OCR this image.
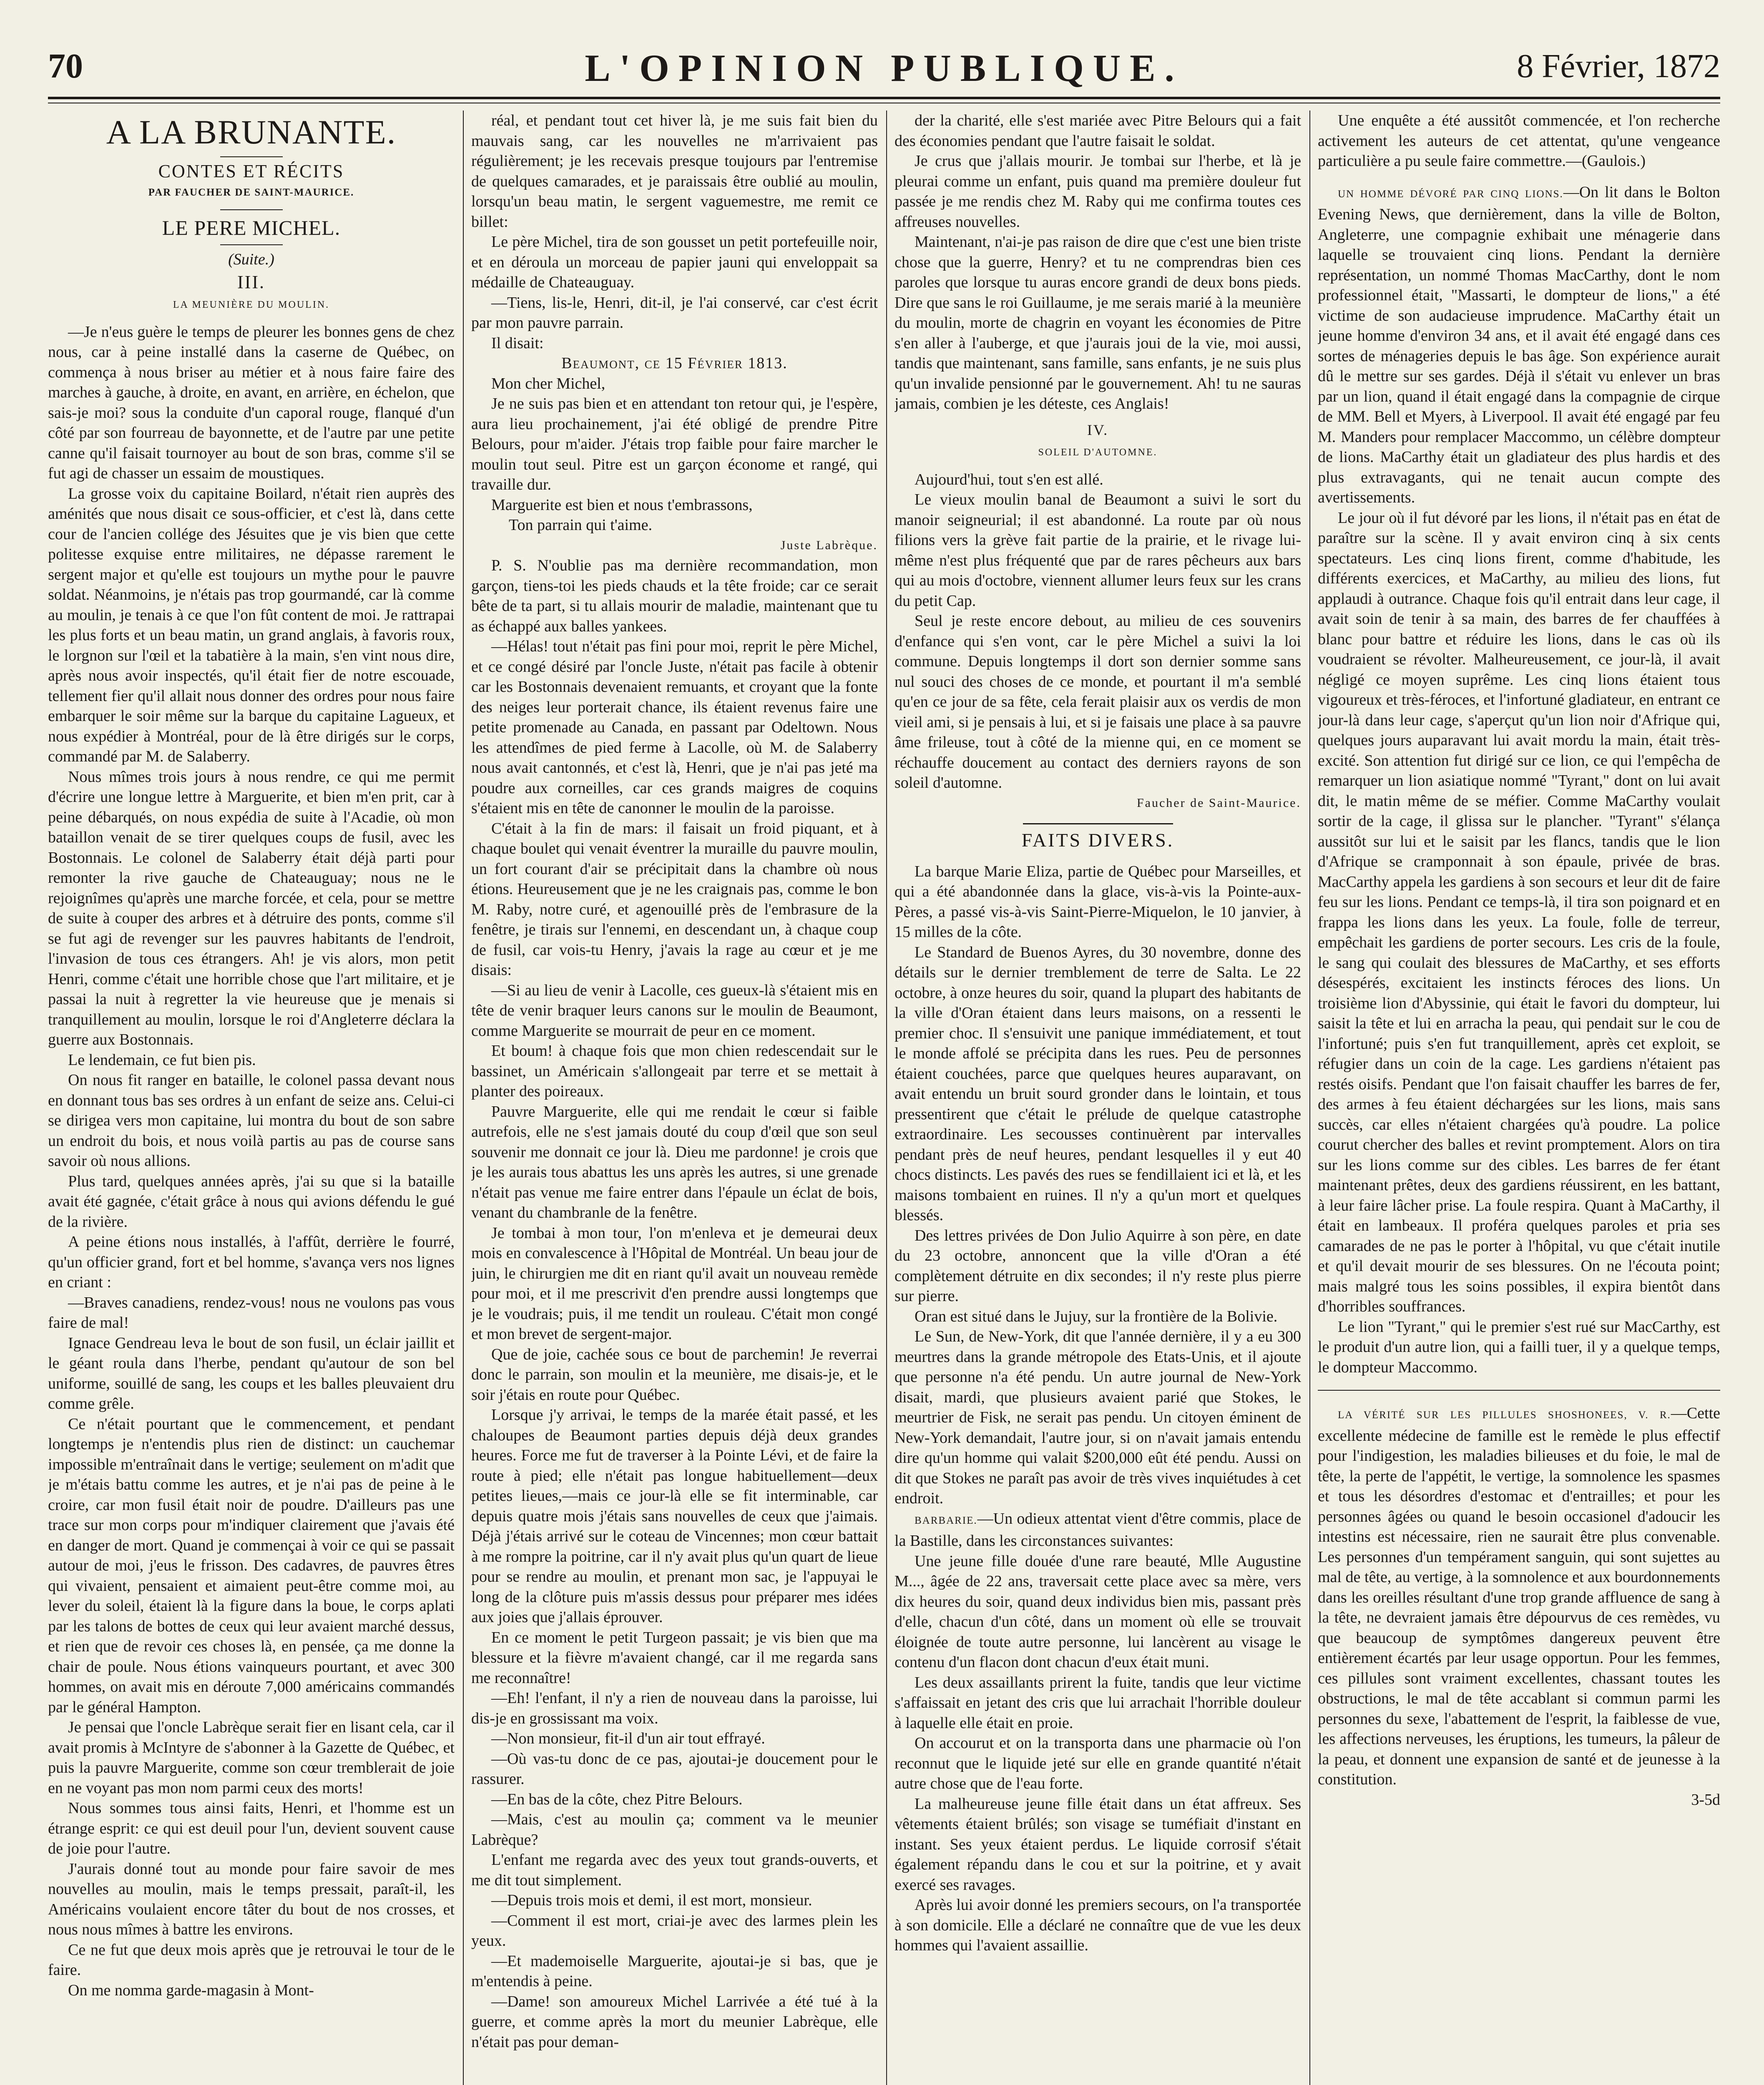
70	L'OPINION PUBLIQUE.	8 Février, 1872
A LA BRUNANTE.
CONTES ET RÉCITS
PAR FAUCHER DE SAINT-MAURICE.
LE PERE MICHEL.
(Suite.)
III.
LA MEUNIÈRE DU MOULIN.

—Je n'eus guère le temps de pleurer les bonnes gens de chez nous, car à peine installé dans la caserne de Québec, on commença à nous briser au métier et à nous faire faire des marches à gauche, à droite, en avant, en arrière, en échelon, que sais-je moi? sous la conduite d'un caporal rouge, flanqué d'un côté par son fourreau de bayonnette, et de l'autre par une petite canne qu'il faisait tournoyer au bout de son bras, comme s'il se fut agi de chasser un essaim de moustiques.

La grosse voix du capitaine Boilard, n'était rien auprès des aménités que nous disait ce sous-officier, et c'est là, dans cette cour de l'ancien collége des Jésuites que je vis bien que cette politesse exquise entre militaires, ne dépasse rarement le sergent major et qu'elle est toujours un mythe pour le pauvre soldat. Néanmoins, je n'étais pas trop gourmandé, car là comme au moulin, je tenais à ce que l'on fût content de moi. Je rattrapai les plus forts et un beau matin, un grand anglais, à favoris roux, le lorgnon sur l'œil et la tabatière à la main, s'en vint nous dire, après nous avoir inspectés, qu'il était fier de notre escouade, tellement fier qu'il allait nous donner des ordres pour nous faire embarquer le soir même sur la barque du capitaine Lagueux, et nous expédier à Montréal, pour de là être dirigés sur le corps, commandé par M. de Salaberry.

Nous mîmes trois jours à nous rendre, ce qui me permit d'écrire une longue lettre à Marguerite, et bien m'en prit, car à peine débarqués, on nous expédia de suite à l'Acadie, où mon bataillon venait de se tirer quelques coups de fusil, avec les Bostonnais. Le colonel de Salaberry était déjà parti pour remonter la rive gauche de Chateauguay; nous ne le rejoignîmes qu'après une marche forcée, et cela, pour se mettre de suite à couper des arbres et à détruire des ponts, comme s'il se fut agi de revenger sur les pauvres habitants de l'endroit, l'invasion de tous ces étrangers. Ah! je vis alors, mon petit Henri, comme c'était une horrible chose que l'art militaire, et je passai la nuit à regretter la vie heureuse que je menais si tranquillement au moulin, lorsque le roi d'Angleterre déclara la guerre aux Bostonnais.

Le lendemain, ce fut bien pis.

On nous fit ranger en bataille, le colonel passa devant nous en donnant tous bas ses ordres à un enfant de seize ans. Celui-ci se dirigea vers mon capitaine, lui montra du bout de son sabre un endroit du bois, et nous voilà partis au pas de course sans savoir où nous allions.

Plus tard, quelques années après, j'ai su que si la bataille avait été gagnée, c'était grâce à nous qui avions défendu le gué de la rivière.

A peine étions nous installés, à l'affût, derrière le fourré, qu'un officier grand, fort et bel homme, s'avança vers nos lignes en criant :

—Braves canadiens, rendez-vous! nous ne voulons pas vous faire de mal!

Ignace Gendreau leva le bout de son fusil, un éclair jaillit et le géant roula dans l'herbe, pendant qu'autour de son bel uniforme, souillé de sang, les coups et les balles pleuvaient dru comme grêle.

Ce n'était pourtant que le commencement, et pendant longtemps je n'entendis plus rien de distinct: un cauchemar impossible m'entraînait dans le vertige; seulement on m'adit que je m'étais battu comme les autres, et je n'ai pas de peine à le croire, car mon fusil était noir de poudre. D'ailleurs pas une trace sur mon corps pour m'indiquer clairement que j'avais été en danger de mort. Quand je commençai à voir ce qui se passait autour de moi, j'eus le frisson. Des cadavres, de pauvres êtres qui vivaient, pensaient et aimaient peut-être comme moi, au lever du soleil, étaient là la figure dans la boue, le corps aplati par les talons de bottes de ceux qui leur avaient marché dessus, et rien que de revoir ces choses là, en pensée, ça me donne la chair de poule. Nous étions vainqueurs pourtant, et avec 300 hommes, on avait mis en déroute 7,000 américains commandés par le général Hampton.

Je pensai que l'oncle Labrèque serait fier en lisant cela, car il avait promis à McIntyre de s'abonner à la Gazette de Québec, et puis la pauvre Marguerite, comme son cœur tremblerait de joie en ne voyant pas mon nom parmi ceux des morts!

Nous sommes tous ainsi faits, Henri, et l'homme est un étrange esprit: ce qui est deuil pour l'un, devient souvent cause de joie pour l'autre.

J'aurais donné tout au monde pour faire savoir de mes nouvelles au moulin, mais le temps pressait, paraît-il, les Américains voulaient encore tâter du bout de nos crosses, et nous nous mîmes à battre les environs.

Ce ne fut que deux mois après que je retrouvai le tour de le faire.

On me nomma garde-magasin à Mont-

réal, et pendant tout cet hiver là, je me suis fait bien du mauvais sang, car les nouvelles ne m'arrivaient pas régulièrement; je les recevais presque toujours par l'entremise de quelques camarades, et je paraissais être oublié au moulin, lorsqu'un beau matin, le sergent vaguemestre, me remit ce billet:

Le père Michel, tira de son gousset un petit portefeuille noir, et en déroula un morceau de papier jauni qui enveloppait sa médaille de Chateauguay.

—Tiens, lis-le, Henri, dit-il, je l'ai conservé, car c'est écrit par mon pauvre parrain.

Il disait:

Beaumont, ce 15 Février 1813.

Mon cher Michel,

Je ne suis pas bien et en attendant ton retour qui, je l'espère, aura lieu prochainement, j'ai été obligé de prendre Pitre Belours, pour m'aider. J'étais trop faible pour faire marcher le moulin tout seul. Pitre est un garçon économe et rangé, qui travaille dur.

Marguerite est bien et nous t'embrassons,

Ton parrain qui t'aime.

Juste Labrèque.

P. S. N'oublie pas ma dernière recommandation, mon garçon, tiens-toi les pieds chauds et la tête froide; car ce serait bête de ta part, si tu allais mourir de maladie, maintenant que tu as échappé aux balles yankees.

—Hélas! tout n'était pas fini pour moi, reprit le père Michel, et ce congé désiré par l'oncle Juste, n'était pas facile à obtenir car les Bostonnais devenaient remuants, et croyant que la fonte des neiges leur porterait chance, ils étaient revenus faire une petite promenade au Canada, en passant par Odeltown. Nous les attendîmes de pied ferme à Lacolle, où M. de Salaberry nous avait cantonnés, et c'est là, Henri, que je n'ai pas jeté ma poudre aux corneilles, car ces grands maigres de coquins s'étaient mis en tête de canonner le moulin de la paroisse.

C'était à la fin de mars: il faisait un froid piquant, et à chaque boulet qui venait éventrer la muraille du pauvre moulin, un fort courant d'air se précipitait dans la chambre où nous étions. Heureusement que je ne les craignais pas, comme le bon M. Raby, notre curé, et agenouillé près de l'embrasure de la fenêtre, je tirais sur l'ennemi, en descendant un, à chaque coup de fusil, car vois-tu Henry, j'avais la rage au cœur et je me disais:

—Si au lieu de venir à Lacolle, ces gueux-là s'étaient mis en tête de venir braquer leurs canons sur le moulin de Beaumont, comme Marguerite se mourrait de peur en ce moment.

Et boum! à chaque fois que mon chien redescendait sur le bassinet, un Américain s'allongeait par terre et se mettait à planter des poireaux.

Pauvre Marguerite, elle qui me rendait le cœur si faible autrefois, elle ne s'est jamais douté du coup d'œil que son seul souvenir me donnait ce jour là. Dieu me pardonne! je crois que je les aurais tous abattus les uns après les autres, si une grenade n'était pas venue me faire entrer dans l'épaule un éclat de bois, venant du chambranle de la fenêtre.

Je tombai à mon tour, l'on m'enleva et je demeurai deux mois en convalescence à l'Hôpital de Montréal. Un beau jour de juin, le chirurgien me dit en riant qu'il avait un nouveau remède pour moi, et il me prescrivit d'en prendre aussi longtemps que je le voudrais; puis, il me tendit un rouleau. C'était mon congé et mon brevet de sergent-major.

Que de joie, cachée sous ce bout de parchemin! Je reverrai donc le parrain, son moulin et la meunière, me disais-je, et le soir j'étais en route pour Québec.

Lorsque j'y arrivai, le temps de la marée était passé, et les chaloupes de Beaumont parties depuis déjà deux grandes heures. Force me fut de traverser à la Pointe Lévi, et de faire la route à pied; elle n'était pas longue habituellement—deux petites lieues,—mais ce jour-là elle se fit interminable, car depuis quatre mois j'étais sans nouvelles de ceux que j'aimais. Déjà j'étais arrivé sur le coteau de Vincennes; mon cœur battait à me rompre la poitrine, car il n'y avait plus qu'un quart de lieue pour se rendre au moulin, et prenant mon sac, je l'appuyai le long de la clôture puis m'assis dessus pour préparer mes idées aux joies que j'allais éprouver.

En ce moment le petit Turgeon passait; je vis bien que ma blessure et la fièvre m'avaient changé, car il me regarda sans me reconnaître!

—Eh! l'enfant, il n'y a rien de nouveau dans la paroisse, lui dis-je en grossissant ma voix.

—Non monsieur, fit-il d'un air tout effrayé.

—Où vas-tu donc de ce pas, ajoutai-je doucement pour le rassurer.

—En bas de la côte, chez Pitre Belours.

—Mais, c'est au moulin ça; comment va le meunier Labrèque?

L'enfant me regarda avec des yeux tout grands-ouverts, et me dit tout simplement.

—Depuis trois mois et demi, il est mort, monsieur.

—Comment il est mort, criai-je avec des larmes plein les yeux.

—Et mademoiselle Marguerite, ajoutai-je si bas, que je m'entendis à peine.

—Dame! son amoureux Michel Larrivée a été tué à la guerre, et comme après la mort du meunier Labrèque, elle n'était pas pour deman-

der la charité, elle s'est mariée avec Pitre Belours qui a fait des économies pendant que l'autre faisait le soldat.

Je crus que j'allais mourir. Je tombai sur l'herbe, et là je pleurai comme un enfant, puis quand ma première douleur fut passée je me rendis chez M. Raby qui me confirma toutes ces affreuses nouvelles.

Maintenant, n'ai-je pas raison de dire que c'est une bien triste chose que la guerre, Henry? et tu ne comprendras bien ces paroles que lorsque tu auras encore grandi de deux bons pieds. Dire que sans le roi Guillaume, je me serais marié à la meunière du moulin, morte de chagrin en voyant les économies de Pitre s'en aller à l'auberge, et que j'aurais joui de la vie, moi aussi, tandis que maintenant, sans famille, sans enfants, je ne suis plus qu'un invalide pensionné par le gouvernement. Ah! tu ne sauras jamais, combien je les déteste, ces Anglais!

IV.
SOLEIL D'AUTOMNE.

Aujourd'hui, tout s'en est allé.

Le vieux moulin banal de Beaumont a suivi le sort du manoir seigneurial; il est abandonné. La route par où nous filions vers la grève fait partie de la prairie, et le rivage lui-même n'est plus fréquenté que par de rares pêcheurs aux bars qui au mois d'octobre, viennent allumer leurs feux sur les crans du petit Cap.

Seul je reste encore debout, au milieu de ces souvenirs d'enfance qui s'en vont, car le père Michel a suivi la loi commune. Depuis longtemps il dort son dernier somme sans nul souci des choses de ce monde, et pourtant il m'a semblé qu'en ce jour de sa fête, cela ferait plaisir aux os verdis de mon vieil ami, si je pensais à lui, et si je faisais une place à sa pauvre âme frileuse, tout à côté de la mienne qui, en ce moment se réchauffe doucement au contact des derniers rayons de son soleil d'automne.

Faucher de Saint-Maurice.

FAITS DIVERS.

La barque Marie Eliza, partie de Québec pour Marseilles, et qui a été abandonnée dans la glace, vis-à-vis la Pointe-aux-Pères, a passé vis-à-vis Saint-Pierre-Miquelon, le 10 janvier, à 15 milles de la côte.

Le Standard de Buenos Ayres, du 30 novembre, donne des détails sur le dernier tremblement de terre de Salta. Le 22 octobre, à onze heures du soir, quand la plupart des habitants de la ville d'Oran étaient dans leurs maisons, on a ressenti le premier choc. Il s'ensuivit une panique immédiatement, et tout le monde affolé se précipita dans les rues. Peu de personnes étaient couchées, parce que quelques heures auparavant, on avait entendu un bruit sourd gronder dans le lointain, et tous pressentirent que c'était le prélude de quelque catastrophe extraordinaire. Les secousses continuèrent par intervalles pendant près de neuf heures, pendant lesquelles il y eut 40 chocs distincts. Les pavés des rues se fendillaient ici et là, et les maisons tombaient en ruines. Il n'y a qu'un mort et quelques blessés.

Des lettres privées de Don Julio Aquirre à son père, en date du 23 octobre, annoncent que la ville d'Oran a été complètement détruite en dix secondes; il n'y reste plus pierre sur pierre.

Oran est situé dans le Jujuy, sur la frontière de la Bolivie.

Le Sun, de New-York, dit que l'année dernière, il y a eu 300 meurtres dans la grande métropole des Etats-Unis, et il ajoute que personne n'a été pendu. Un autre journal de New-York disait, mardi, que plusieurs avaient parié que Stokes, le meurtrier de Fisk, ne serait pas pendu. Un citoyen éminent de New-York demandait, l'autre jour, si on n'avait jamais entendu dire qu'un homme qui valait $200,000 eût été pendu. Aussi on dit que Stokes ne paraît pas avoir de très vives inquiétudes à cet endroit.

BARBARIE.—Un odieux attentat vient d'être commis, place de la Bastille, dans les circonstances suivantes:

Une jeune fille douée d'une rare beauté, Mlle Augustine M..., âgée de 22 ans, traversait cette place avec sa mère, vers dix heures du soir, quand deux individus bien mis, passant près d'elle, chacun d'un côté, dans un moment où elle se trouvait éloignée de toute autre personne, lui lancèrent au visage le contenu d'un flacon dont chacun d'eux était muni.

Les deux assaillants prirent la fuite, tandis que leur victime s'affaissait en jetant des cris que lui arrachait l'horrible douleur à laquelle elle était en proie.

On accourut et on la transporta dans une pharmacie où l'on reconnut que le liquide jeté sur elle en grande quantité n'était autre chose que de l'eau forte.

La malheureuse jeune fille était dans un état affreux. Ses vêtements étaient brûlés; son visage se tuméfiait d'instant en instant. Ses yeux étaient perdus. Le liquide corrosif s'était également répandu dans le cou et sur la poitrine, et y avait exercé ses ravages.

Après lui avoir donné les premiers secours, on l'a transportée à son domicile. Elle a déclaré ne connaître que de vue les deux hommes qui l'avaient assaillie.

Une enquête a été aussitôt commencée, et l'on recherche activement les auteurs de cet attentat, qu'une vengeance particulière a pu seule faire commettre.—(Gaulois.)

UN HOMME DÉVORÉ PAR CINQ LIONS.—On lit dans le Bolton Evening News, que dernièrement, dans la ville de Bolton, Angleterre, une compagnie exhibait une ménagerie dans laquelle se trouvaient cinq lions. Pendant la dernière représentation, un nommé Thomas MacCarthy, dont le nom professionnel était, "Massarti, le dompteur de lions," a été victime de son audacieuse imprudence. MaCarthy était un jeune homme d'environ 34 ans, et il avait été engagé dans ces sortes de ménageries depuis le bas âge. Son expérience aurait dû le mettre sur ses gardes. Déjà il s'était vu enlever un bras par un lion, quand il était engagé dans la compagnie de cirque de MM. Bell et Myers, à Liverpool. Il avait été engagé par feu M. Manders pour remplacer Maccommo, un célèbre dompteur de lions. MaCarthy était un gladiateur des plus hardis et des plus extravagants, qui ne tenait aucun compte des avertissements.

Le jour où il fut dévoré par les lions, il n'était pas en état de paraître sur la scène. Il y avait environ cinq à six cents spectateurs. Les cinq lions firent, comme d'habitude, les différents exercices, et MaCarthy, au milieu des lions, fut applaudi à outrance. Chaque fois qu'il entrait dans leur cage, il avait soin de tenir à sa main, des barres de fer chauffées à blanc pour battre et réduire les lions, dans le cas où ils voudraient se révolter. Malheureusement, ce jour-là, il avait négligé ce moyen suprême. Les cinq lions étaient tous vigoureux et très-féroces, et l'infortuné gladiateur, en entrant ce jour-là dans leur cage, s'aperçut qu'un lion noir d'Afrique qui, quelques jours auparavant lui avait mordu la main, était très-excité. Son attention fut dirigé sur ce lion, ce qui l'empêcha de remarquer un lion asiatique nommé "Tyrant," dont on lui avait dit, le matin même de se méfier. Comme MaCarthy voulait sortir de la cage, il glissa sur le plancher. "Tyrant" s'élança aussitôt sur lui et le saisit par les flancs, tandis que le lion d'Afrique se cramponnait à son épaule, privée de bras. MacCarthy appela les gardiens à son secours et leur dit de faire feu sur les lions. Pendant ce temps-là, il tira son poignard et en frappa les lions dans les yeux. La foule, folle de terreur, empêchait les gardiens de porter secours. Les cris de la foule, le sang qui coulait des blessures de MaCarthy, et ses efforts désespérés, excitaient les instincts féroces des lions. Un troisième lion d'Abyssinie, qui était le favori du dompteur, lui saisit la tête et lui en arracha la peau, qui pendait sur le cou de l'infortuné; puis s'en fut tranquillement, après cet exploit, se réfugier dans un coin de la cage. Les gardiens n'étaient pas restés oisifs. Pendant que l'on faisait chauffer les barres de fer, des armes à feu étaient déchargées sur les lions, mais sans succès, car elles n'étaient chargées qu'à poudre. La police courut chercher des balles et revint promptement. Alors on tira sur les lions comme sur des cibles. Les barres de fer étant maintenant prêtes, deux des gardiens réussirent, en les battant, à leur faire lâcher prise. La foule respira. Quant à MaCarthy, il était en lambeaux. Il proféra quelques paroles et pria ses camarades de ne pas le porter à l'hôpital, vu que c'était inutile et qu'il devait mourir de ses blessures. On ne l'écouta point; mais malgré tous les soins possibles, il expira bientôt dans d'horribles souffrances.

Le lion "Tyrant," qui le premier s'est rué sur MacCarthy, est le produit d'un autre lion, qui a failli tuer, il y a quelque temps, le dompteur Maccommo.

LA VÉRITÉ SUR LES PILLULES SHOSHONEES, V. R.—Cette excellente médecine de famille est le remède le plus effectif pour l'indigestion, les maladies bilieuses et du foie, le mal de tête, la perte de l'appétit, le vertige, la somnolence les spasmes et tous les désordres d'estomac et d'entrailles; et pour les personnes âgées ou quand le besoin occasionel d'adoucir les intestins est nécessaire, rien ne saurait être plus convenable. Les personnes d'un tempérament sanguin, qui sont sujettes au mal de tête, au vertige, à la somnolence et aux bourdonnements dans les oreilles résultant d'une trop grande affluence de sang à la tête, ne devraient jamais être dépourvus de ces remèdes, vu que beaucoup de symptômes dangereux peuvent être entièrement écartés par leur usage opportun. Pour les femmes, ces pillules sont vraiment excellentes, chassant toutes les obstructions, le mal de tête accablant si commun parmi les personnes du sexe, l'abattement de l'esprit, la faiblesse de vue, les affections nerveuses, les éruptions, les tumeurs, la pâleur de la peau, et donnent une expansion de santé et de jeunesse à la constitution.

3-5d
